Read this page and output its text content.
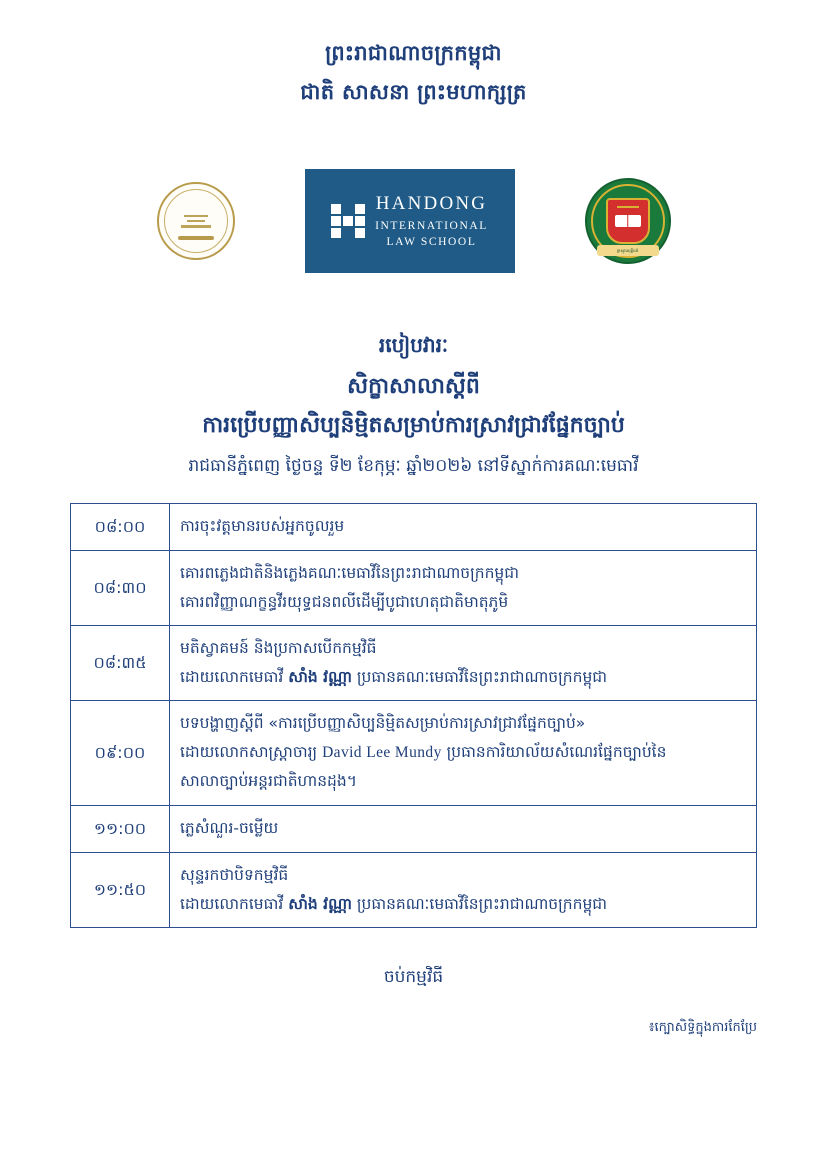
ព្រះរាជាណាចក្រកម្ពុជា
ជាតិ សាសនា ព្រះមហាក្សត្រ
HANDONG
INTERNATIONAL
LAW SCHOOL
ក្រសួងយុត្តិធម៌
របៀបវារៈ
សិក្ខាសាលាស្ដីពី
ការប្រើបញ្ញាសិប្បនិម្មិតសម្រាប់ការស្រាវជ្រាវផ្នែកច្បាប់
រាជធានីភ្នំពេញ ថ្ងៃចន្ទ ទី២ ខែកុម្ភៈ ឆ្នាំ២០២៦ នៅទីស្នាក់ការគណៈមេធាវី
០៨:០០	ការចុះវត្តមានរបស់អ្នកចូលរួម

០៨:៣០	គោរពភ្លេងជាតិនិងភ្លេងគណៈមេធាវីនៃព្រះរាជាណាចក្រកម្ពុជា

គោរពវិញ្ញាណក្ខន្ធវីរយុទ្ធជនពលីដើម្បីបូជាហេតុជាតិមាតុភូមិ

០៨:៣៥	មតិស្វាគមន៍ និងប្រកាសបើកកម្មវិធី

ដោយលោកមេធាវី សាំង វណ្ណា ប្រធានគណៈមេធាវីនៃព្រះរាជាណាចក្រកម្ពុជា

០៩:០០	បទបង្ហាញស្ដីពី «ការប្រើបញ្ញាសិប្បនិម្មិតសម្រាប់ការស្រាវជ្រាវផ្នែកច្បាប់»

ដោយលោកសាស្ត្រាចារ្យ David Lee Mundy ប្រធានការិយាល័យសំណេរផ្នែកច្បាប់នៃ

សាលាច្បាប់អន្តរជាតិហានដុង។

១១:០០	ភ្លេសំណួរ-ចម្លើយ

១១:៥០	សុន្ទរកថាបិទកម្មវិធី

ដោយលោកមេធាវី សាំង វណ្ណា ប្រធានគណៈមេធាវីនៃព្រះរាជាណាចក្រកម្ពុជា

ចប់កម្មវិធី
៖ក្បោសិទ្ធិក្នុងការកែប្រែ
